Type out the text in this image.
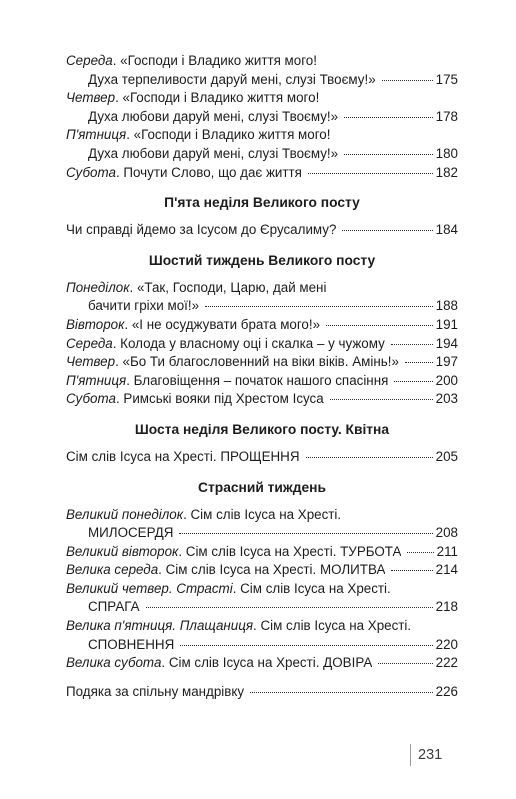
Середа. «Господи і Владико життя мого!
Духа терпеливости даруй мені, слузі Твоєму!»	175
Четвер. «Господи і Владико життя мого!
Духа любови даруй мені, слузі Твоєму!»	178
П'ятниця. «Господи і Владико життя мого!
Духа любови даруй мені, слузі Твоєму!»	180
Субота. Почути Слово, що дає життя	182
П'ята неділя Великого посту
Чи справді йдемо за Ісусом до Єрусалиму?	184
Шостий тиждень Великого посту
Понеділок. «Так, Господи, Царю, дай мені
бачити гріхи мої!»	188
Вівторок. «І не осуджувати брата мого!»	191
Середа. Колода у власному оці і скалка – у чужому	194
Четвер. «Бо Ти благословенний на віки віків. Амінь!»	197
П'ятниця. Благовіщення – початок нашого спасіння	200
Субота. Римські вояки під Хрестом Ісуса	203
Шоста неділя Великого посту. Квітна
Сім слів Ісуса на Хресті. ПРОЩЕННЯ	205
Страсний тиждень
Великий понеділок. Сім слів Ісуса на Хресті.
МИЛОСЕРДЯ	208
Великий вівторок. Сім слів Ісуса на Хресті. ТУРБОТА	211
Велика середа. Сім слів Ісуса на Хресті. МОЛИТВА	214
Великий четвер. Страсті. Сім слів Ісуса на Хресті.
СПРАГА	218
Велика п'ятниця. Плащаниця. Сім слів Ісуса на Хресті.
СПОВНЕННЯ	220
Велика субота. Сім слів Ісуса на Хресті. ДОВІРА	222
Подяка за спільну мандрівку	226
231
